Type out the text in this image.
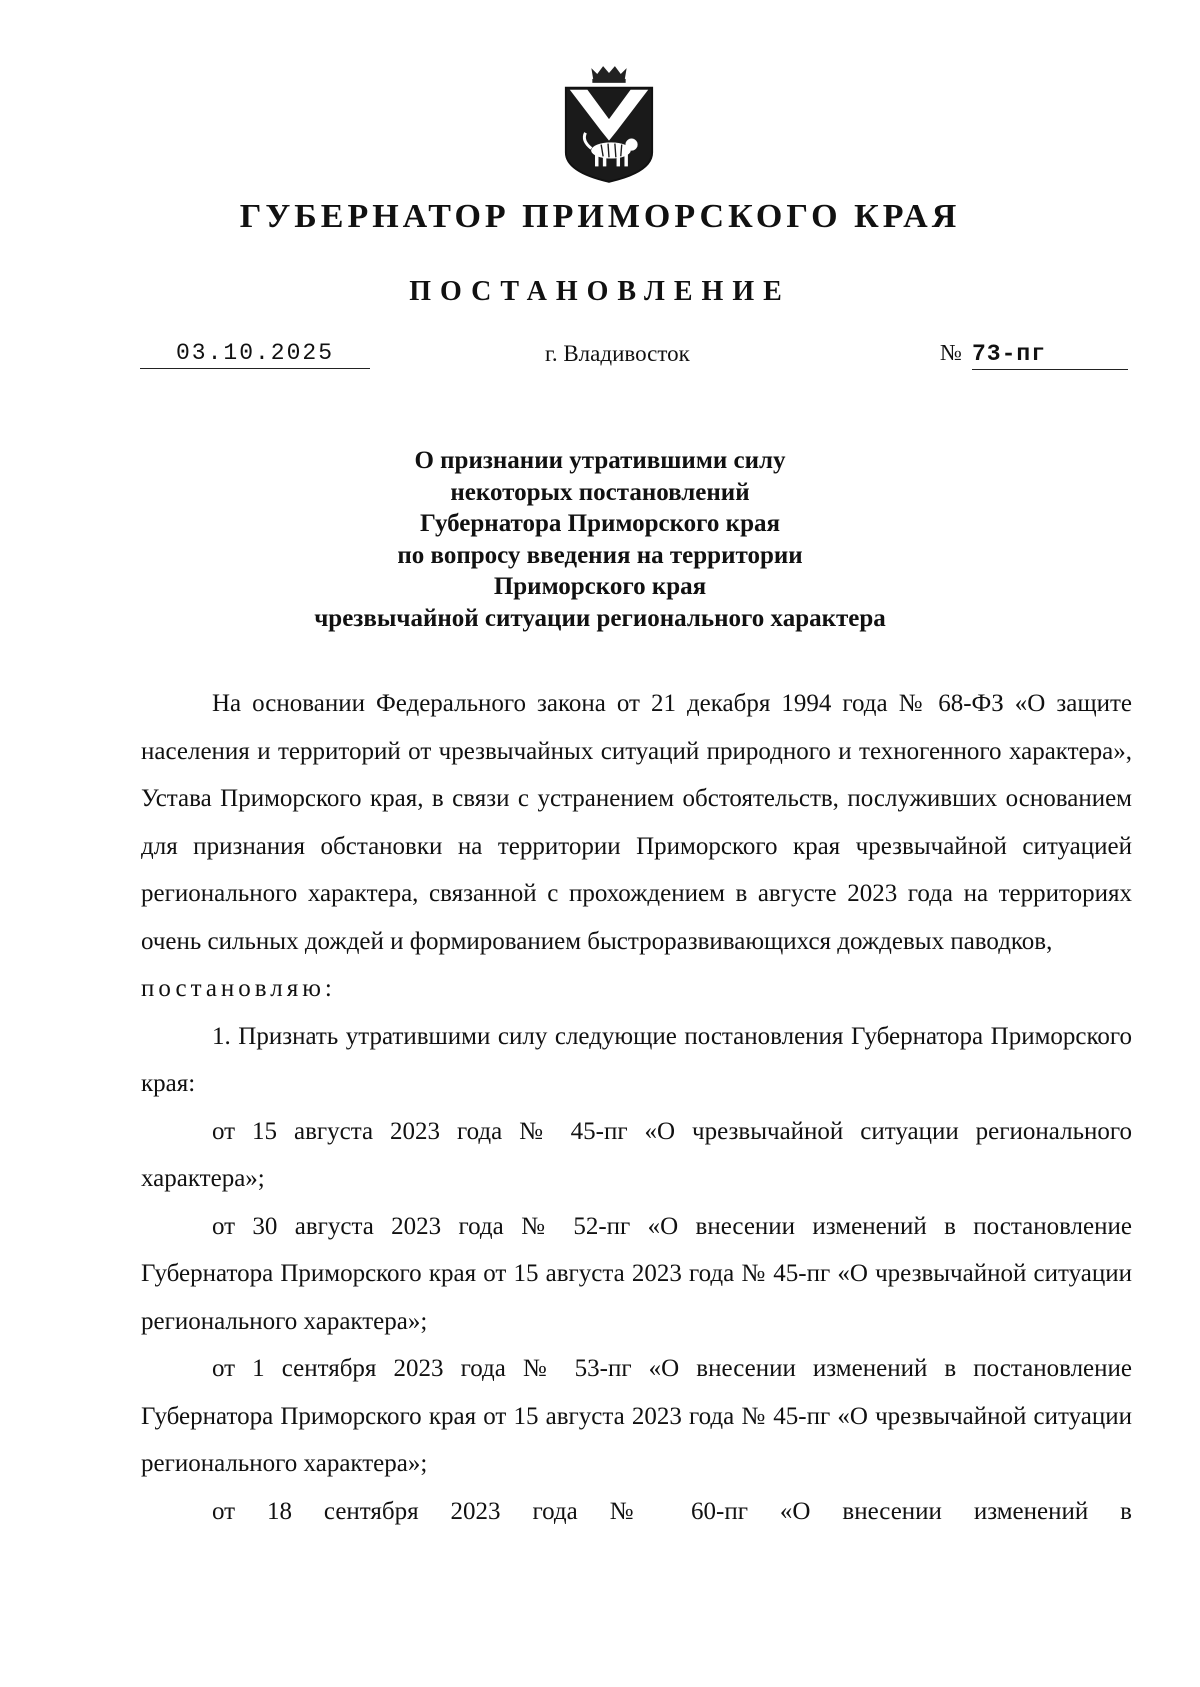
ГУБЕРНАТОР ПРИМОРСКОГО КРАЯ
ПОСТАНОВЛЕНИЕ
03.10.2025	г. Владивосток	№ 73-пг
О признании утратившими силу
некоторых постановлений
Губернатора Приморского края
по вопросу введения на территории
Приморского края
чрезвычайной ситуации регионального характера

На основании Федерального закона от 21 декабря 1994 года № 68-ФЗ «О защите населения и территорий от чрезвычайных ситуаций природного и техногенного характера», Устава Приморского края, в связи с устранением обстоятельств, послуживших основанием для признания обстановки на территории Приморского края чрезвычайной ситуацией регионального характера, связанной с прохождением в августе 2023 года на территориях очень сильных дождей и формированием быстроразвивающихся дождевых паводков,

постановляю:

1. Признать утратившими силу следующие постановления Губернатора Приморского края:

от 15 августа 2023 года № 45-пг «О чрезвычайной ситуации регионального характера»;

от 30 августа 2023 года № 52-пг «О внесении изменений в постановление Губернатора Приморского края от 15 августа 2023 года № 45-пг «О чрезвычайной ситуации регионального характера»;

от 1 сентября 2023 года № 53-пг «О внесении изменений в постановление Губернатора Приморского края от 15 августа 2023 года № 45-пг «О чрезвычайной ситуации регионального характера»;

от 18 сентября 2023 года № 60-пг «О внесении изменений в
